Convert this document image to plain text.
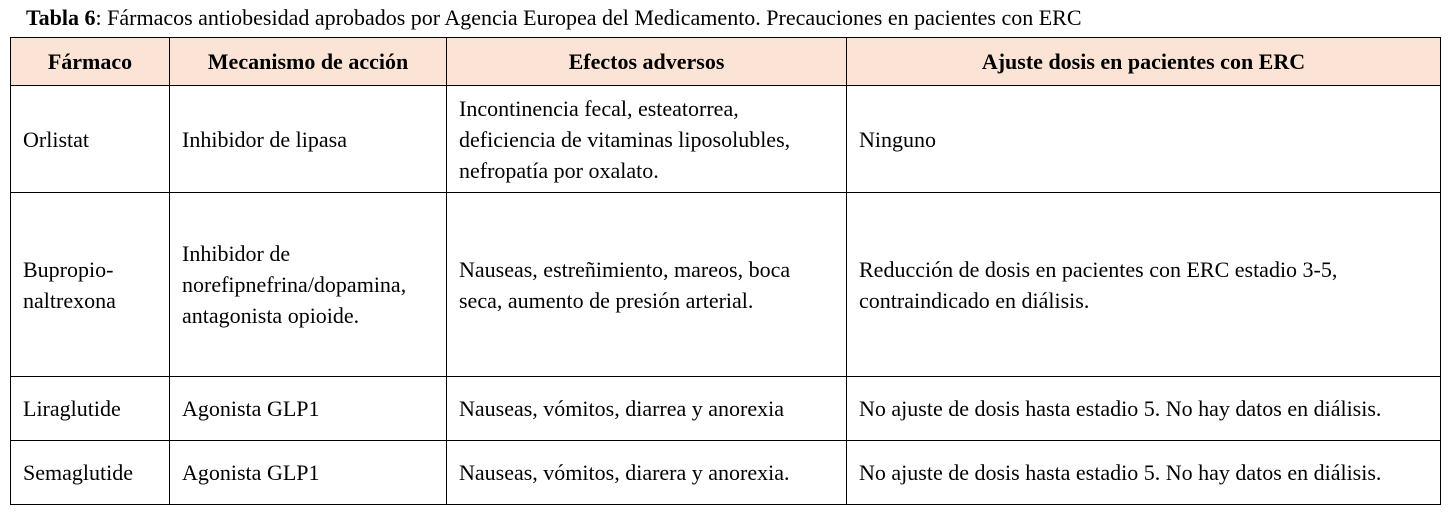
Tabla 6: Fármacos antiobesidad aprobados por Agencia Europea del Medicamento. Precauciones en pacientes con ERC
Fármaco	Mecanismo de acción	Efectos adversos	Ajuste dosis en pacientes con ERC
Orlistat	Inhibidor de lipasa	Incontinencia fecal, esteatorrea,
deficiencia de vitaminas liposolubles,
nefropatía por oxalato.	Ninguno
Bupropio-
naltrexona	Inhibidor de
norefipnefrina/dopamina,
antagonista opioide.	Nauseas, estreñimiento, mareos, boca
seca, aumento de presión arterial.	Reducción de dosis en pacientes con ERC estadio 3-5,
contraindicado en diálisis.
Liraglutide	Agonista GLP1	Nauseas, vómitos, diarrea y anorexia	No ajuste de dosis hasta estadio 5. No hay datos en diálisis.
Semaglutide	Agonista GLP1	Nauseas, vómitos, diarera y anorexia.	No ajuste de dosis hasta estadio 5. No hay datos en diálisis.
